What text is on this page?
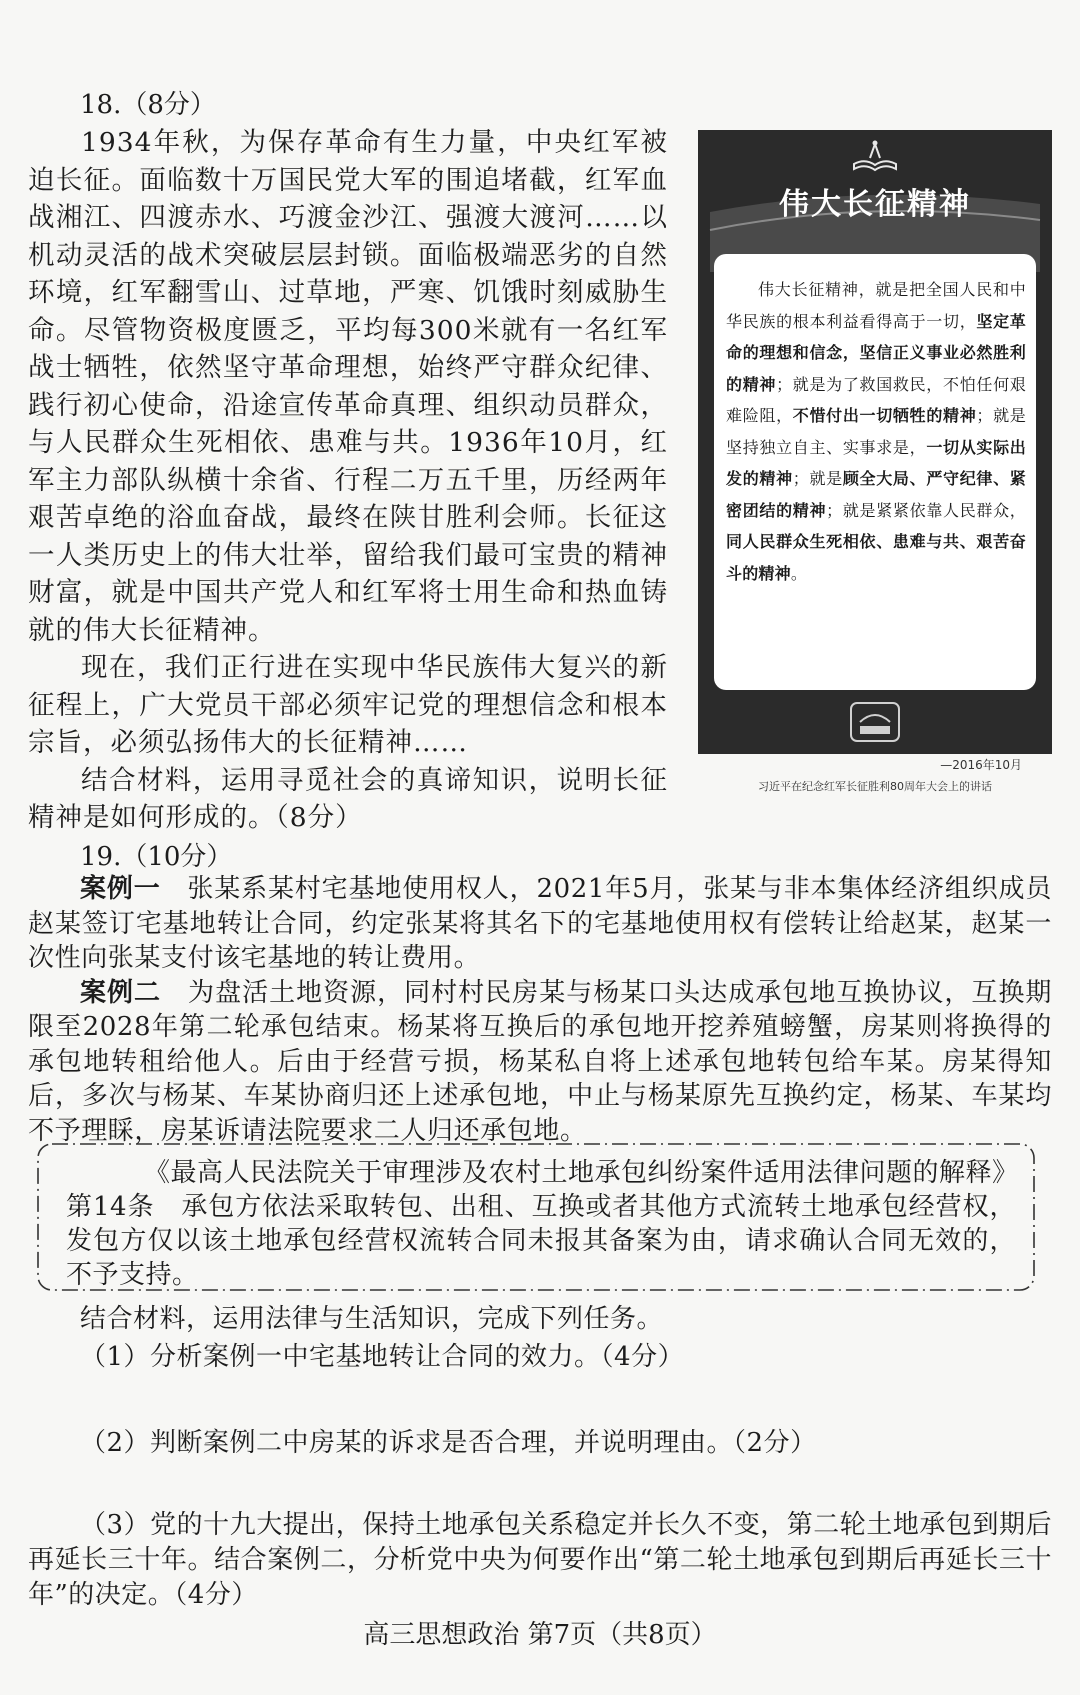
18.（8分）

1934年秋，为保存革命有生力量，中央红军被迫长征。面临数十万国民党大军的围追堵截，红军血战湘江、四渡赤水、巧渡金沙江、强渡大渡河……以机动灵活的战术突破层层封锁。面临极端恶劣的自然环境，红军翻雪山、过草地，严寒、饥饿时刻威胁生命。尽管物资极度匮乏，平均每300米就有一名红军战士牺牲，依然坚守革命理想，始终严守群众纪律、践行初心使命，沿途宣传革命真理、组织动员群众，与人民群众生死相依、患难与共。1936年10月，红军主力部队纵横十余省、行程二万五千里，历经两年艰苦卓绝的浴血奋战，最终在陕甘胜利会师。长征这一人类历史上的伟大壮举，留给我们最可宝贵的精神财富，就是中国共产党人和红军将士用生命和热血铸就的伟大长征精神。

现在，我们正行进在实现中华民族伟大复兴的新征程上，广大党员干部必须牢记党的理想信念和根本宗旨，必须弘扬伟大的长征精神……

结合材料，运用寻觅社会的真谛知识，说明长征精神是如何形成的。（8分）

伟大长征精神

伟大长征精神，就是把全国人民和中华民族的根本利益看得高于一切，坚定革命的理想和信念，坚信正义事业必然胜利的精神；就是为了救国救民，不怕任何艰难险阻，不惜付出一切牺牲的精神；就是坚持独立自主、实事求是，一切从实际出发的精神；就是顾全大局、严守纪律、紧密团结的精神；就是紧紧依靠人民群众，同人民群众生死相依、患难与共、艰苦奋斗的精神。

—2016年10月
习近平在纪念红军长征胜利80周年大会上的讲话
19.（10分）

案例一　张某系某村宅基地使用权人，2021年5月，张某与非本集体经济组织成员赵某签订宅基地转让合同，约定张某将其名下的宅基地使用权有偿转让给赵某，赵某一次性向张某支付该宅基地的转让费用。

案例二　为盘活土地资源，同村村民房某与杨某口头达成承包地互换协议，互换期限至2028年第二轮承包结束。杨某将互换后的承包地开挖养殖螃蟹，房某则将换得的承包地转租给他人。后由于经营亏损，杨某私自将上述承包地转包给车某。房某得知后，多次与杨某、车某协商归还上述承包地，中止与杨某原先互换约定，杨某、车某均不予理睬，房某诉请法院要求二人归还承包地。

《最高人民法院关于审理涉及农村土地承包纠纷案件适用法律问题的解释》

第14条　承包方依法采取转包、出租、互换或者其他方式流转土地承包经营权，发包方仅以该土地承包经营权流转合同未报其备案为由，请求确认合同无效的，不予支持。

结合材料，运用法律与生活知识，完成下列任务。
（1）分析案例一中宅基地转让合同的效力。（4分）
（2）判断案例二中房某的诉求是否合理，并说明理由。（2分）

（3）党的十九大提出，保持土地承包关系稳定并长久不变，第二轮土地承包到期后再延长三十年。结合案例二，分析党中央为何要作出“第二轮土地承包到期后再延长三十年”的决定。（4分）

高三思想政治 第7页（共8页）
